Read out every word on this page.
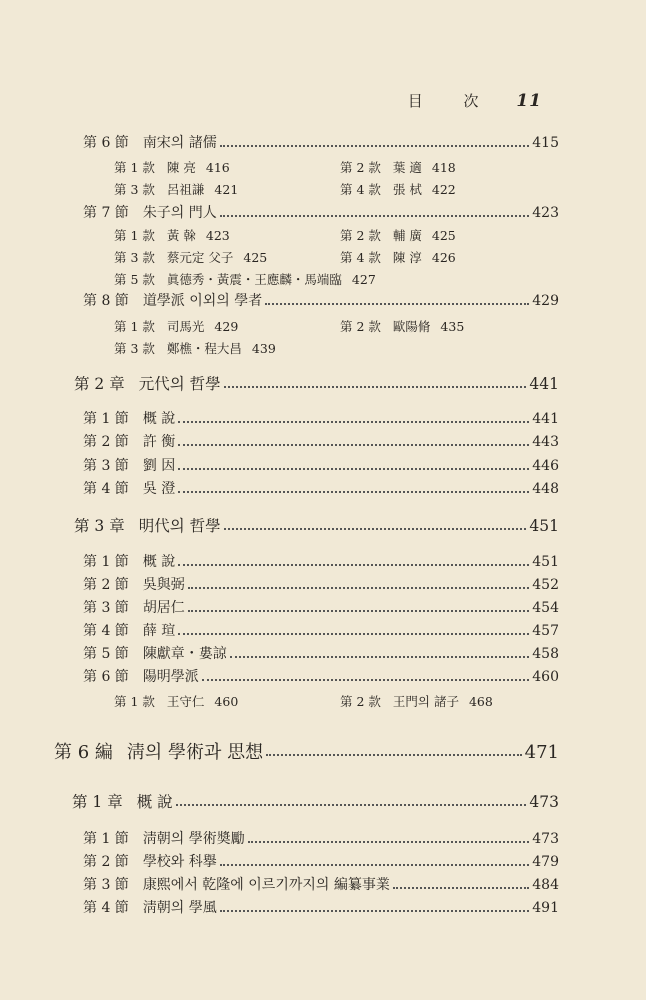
目 次 11
第 6 節 南宋의 諸儒	415
第 7 節 朱子의 門人	423
第 8 節 道學派 이외의 學者	429
第 2 章 元代의 哲學	441
第 1 節 概 說	441
第 2 節 許 衡	443
第 3 節 劉 因	446
第 4 節 吳 澄	448
第 3 章 明代의 哲學	451
第 1 節 概 說	451
第 2 節 吳與弼	452
第 3 節 胡居仁	454
第 4 節 薛 瑄	457
第 5 節 陳獻章・婁諒	458
第 6 節 陽明學派	460
第 6 編 淸의 學術과 思想	471
第 1 章 概 說	473
第 1 節 淸朝의 學術奬勵	473
第 2 節 學校와 科擧	479
第 3 節 康熙에서 乾隆에 이르기까지의 編纂事業	484
第 4 節 淸朝의 學風	491
第 1 款 陳 亮 416	第 2 款 葉 適 418
第 3 款 呂祖謙 421	第 4 款 張 栻 422
第 1 款 黃 榦 423	第 2 款 輔 廣 425
第 3 款 蔡元定 父子 425	第 4 款 陳 淳 426
第 5 款 眞德秀・黃震・王應麟・馬端臨 427
第 1 款 司馬光 429	第 2 款 歐陽脩 435
第 3 款 鄭樵・程大昌 439
第 1 款 王守仁 460	第 2 款 王門의 諸子 468
